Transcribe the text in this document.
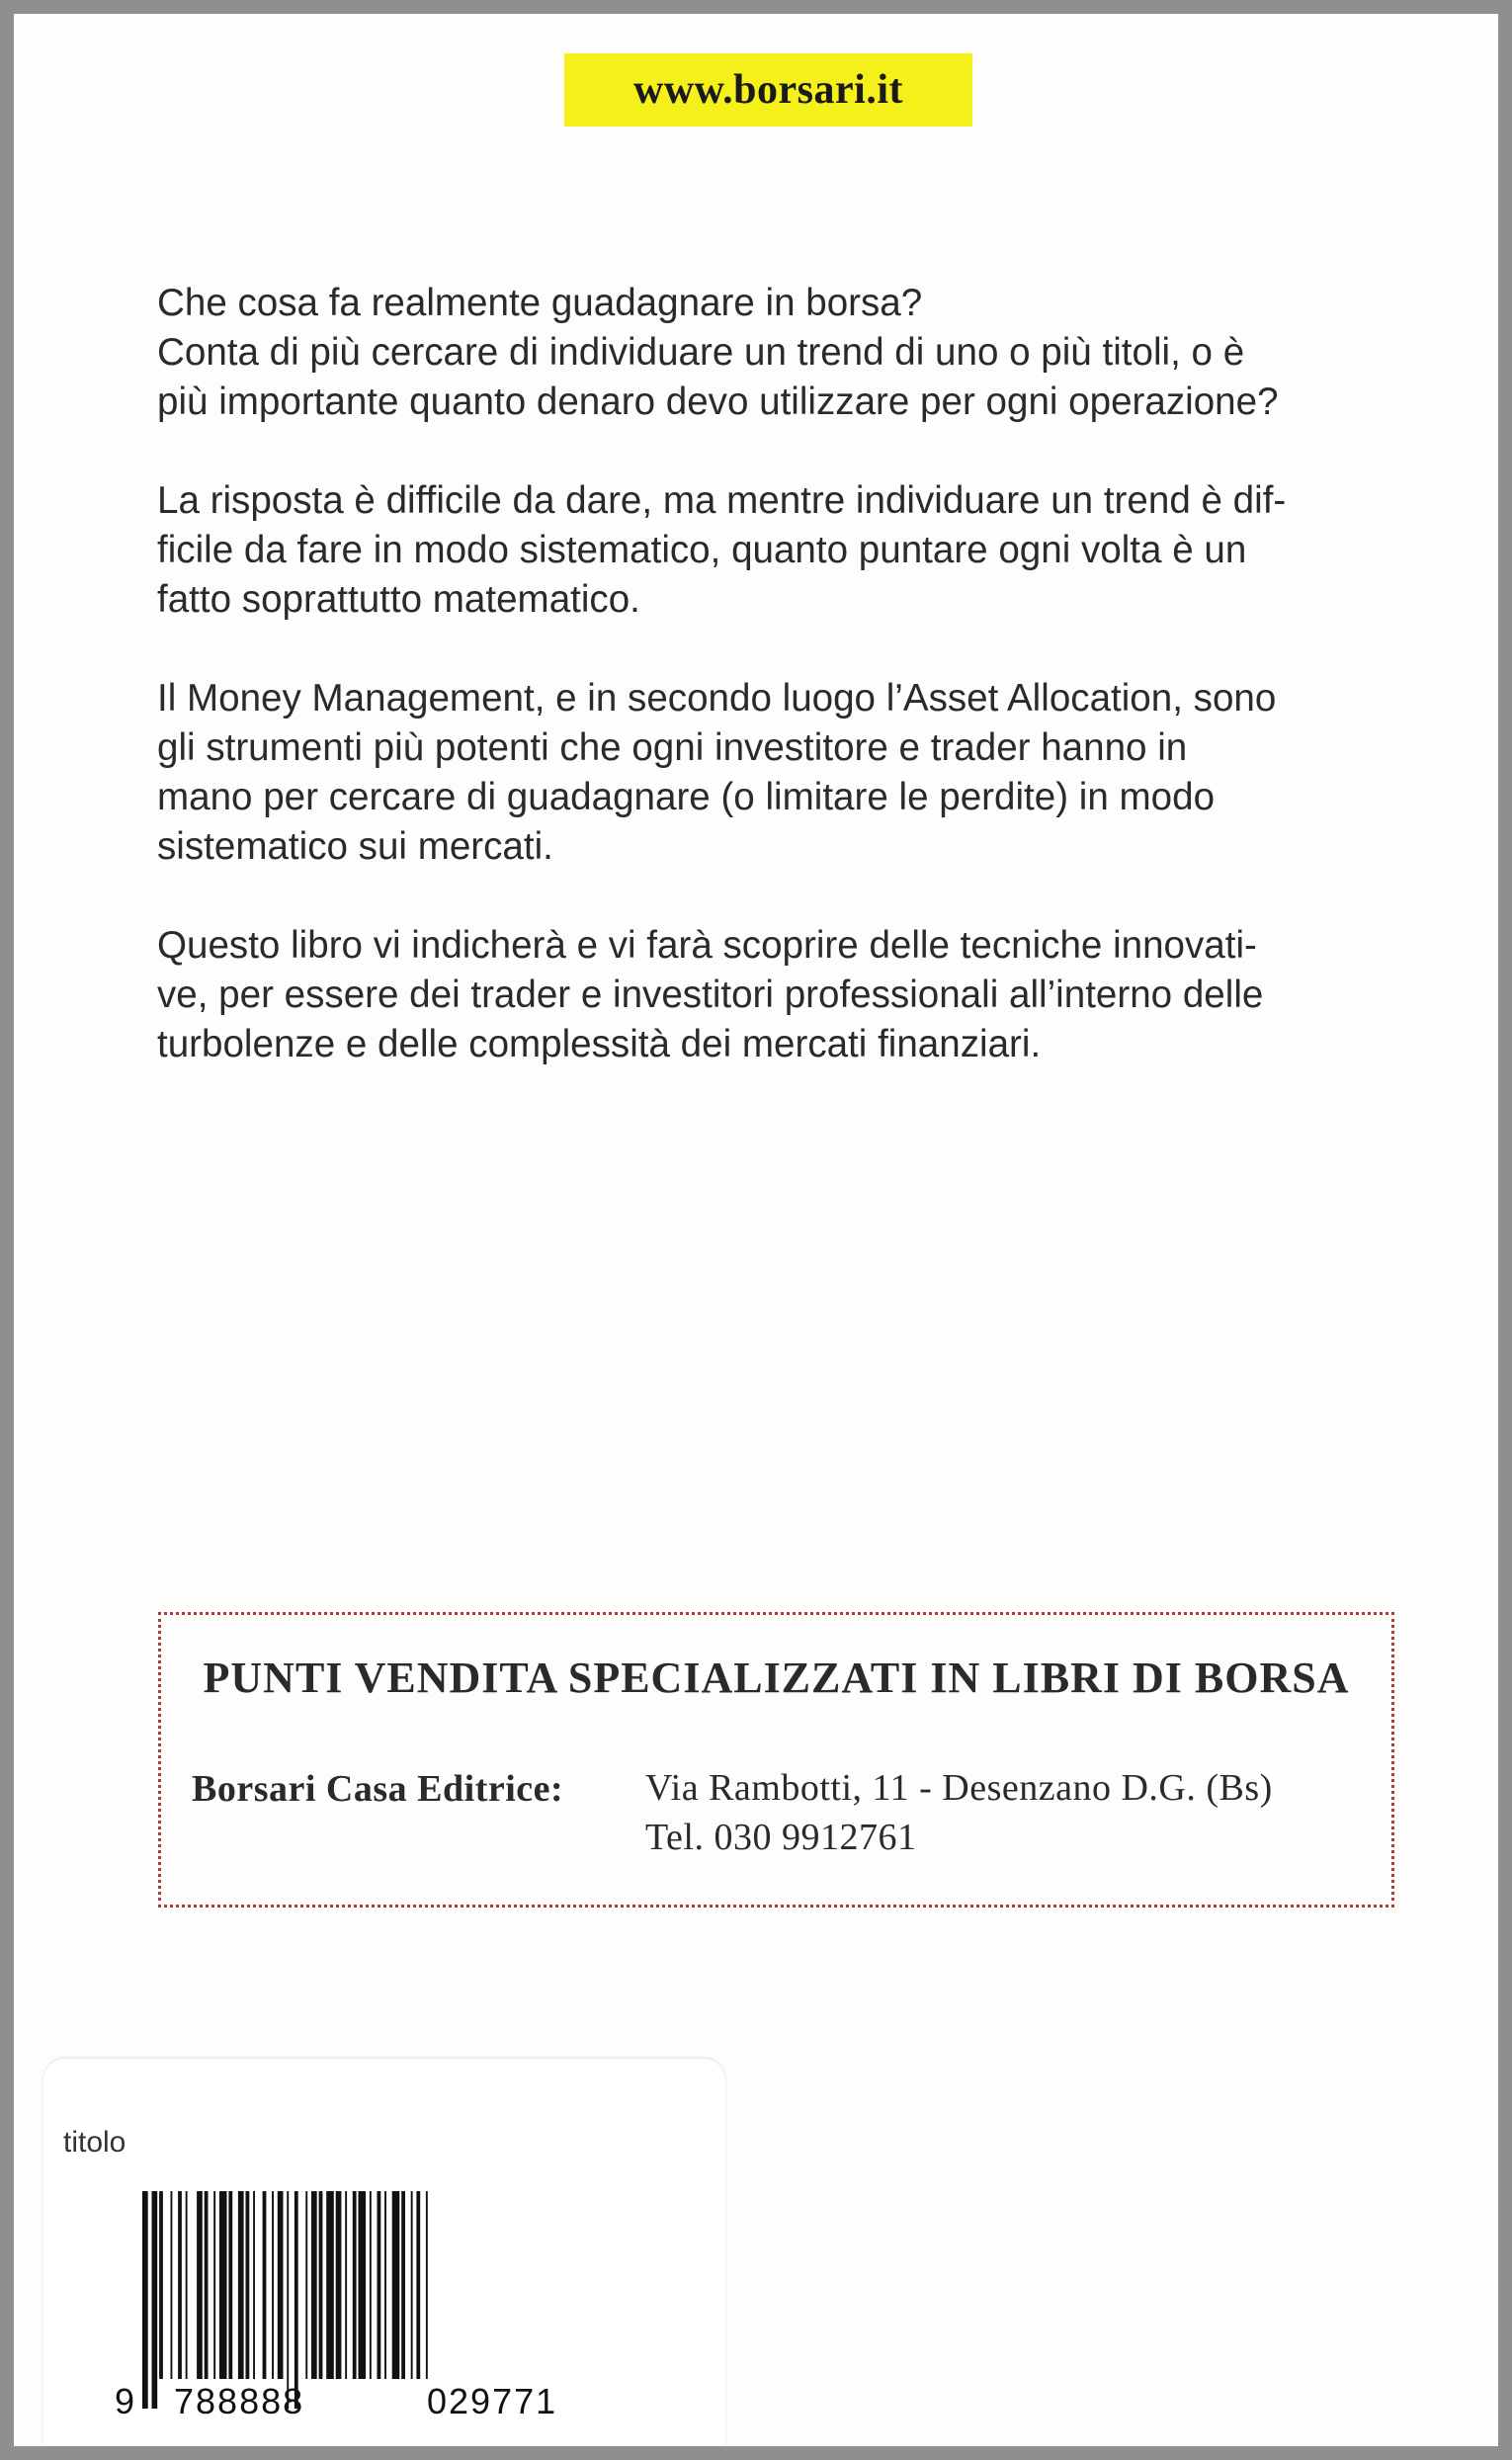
www.borsari.it

Che cosa fa realmente guadagnare in borsa?
Conta di più cercare di individuare un trend di uno o più titoli, o è
più importante quanto denaro devo utilizzare per ogni operazione?

La risposta è difficile da dare, ma mentre individuare un trend è dif-
ficile da fare in modo sistematico, quanto puntare ogni volta è un
fatto soprattutto matematico.

Il Money Management, e in secondo luogo l’Asset Allocation, sono
gli strumenti più potenti che ogni investitore e trader hanno in
mano per cercare di guadagnare (o limitare le perdite) in modo
sistematico sui mercati.

Questo libro vi indicherà e vi farà scoprire delle tecniche innovati-
ve, per essere dei trader e investitori professionali all’interno delle
turbolenze e delle complessità dei mercati finanziari.

PUNTI VENDITA SPECIALIZZATI IN LIBRI DI BORSA
Borsari Casa Editrice: Via Rambotti, 11 - Desenzano D.G. (Bs)
Tel. 030 9912761
titolo
9 788888	029771
